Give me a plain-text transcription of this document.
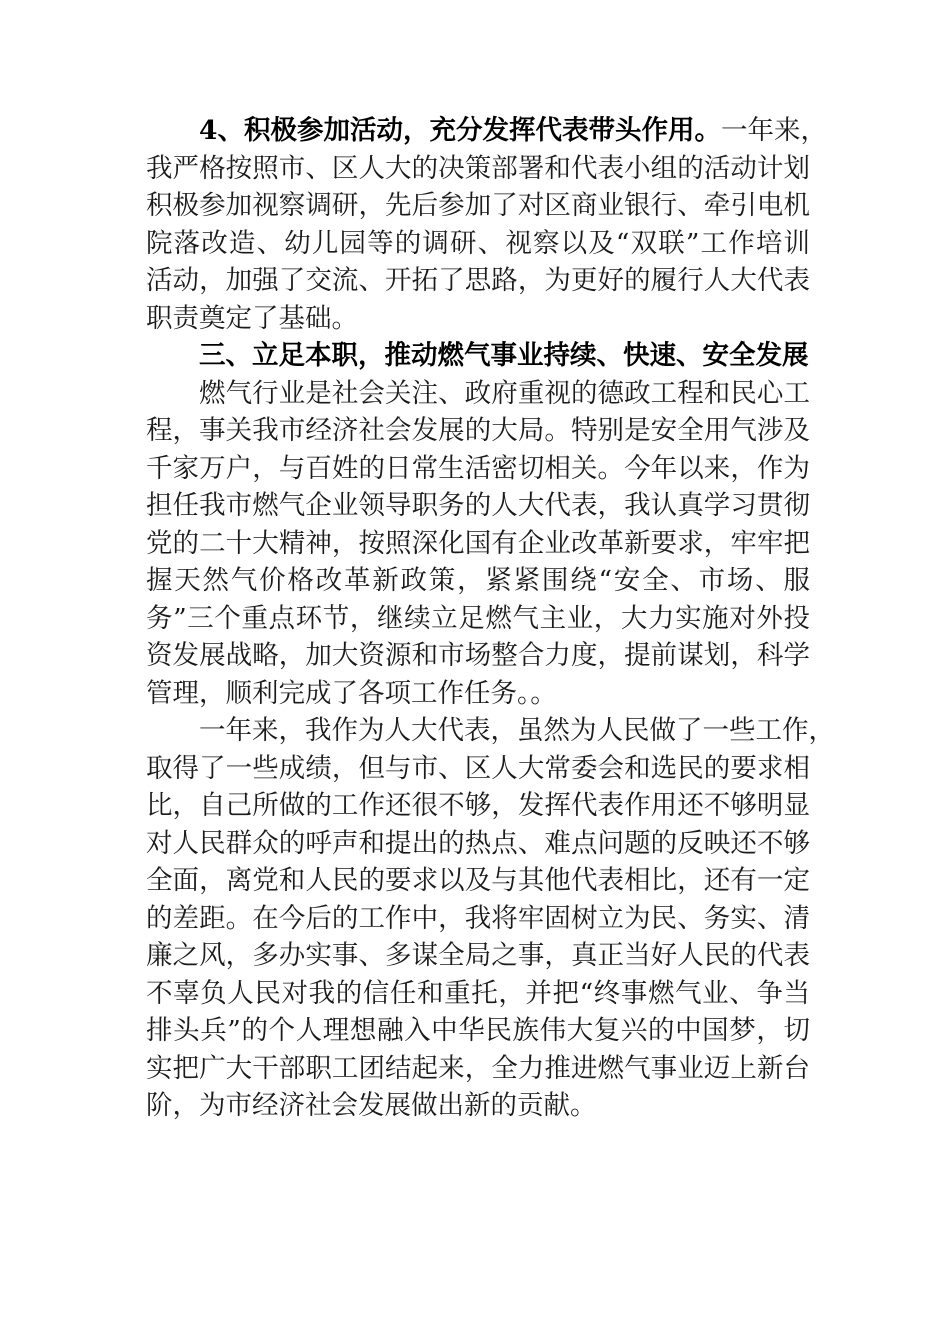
4、积极参加活动，充分发挥代表带头作用。一年来，
我严格按照市、区人大的决策部署和代表小组的活动计划
积极参加视察调研，先后参加了对区商业银行、牵引电机
院落改造、幼儿园等的调研、视察以及“双联”工作培训
活动，加强了交流、开拓了思路，为更好的履行人大代表
职责奠定了基础。
三、立足本职，推动燃气事业持续、快速、安全发展
燃气行业是社会关注、政府重视的德政工程和民心工
程，事关我市经济社会发展的大局。特别是安全用气涉及
千家万户，与百姓的日常生活密切相关。今年以来，作为
担任我市燃气企业领导职务的人大代表，我认真学习贯彻
党的二十大精神，按照深化国有企业改革新要求，牢牢把
握天然气价格改革新政策，紧紧围绕“安全、市场、服
务”三个重点环节，继续立足燃气主业，大力实施对外投
资发展战略，加大资源和市场整合力度，提前谋划，科学
管理，顺利完成了各项工作任务。。
一年来，我作为人大代表，虽然为人民做了一些工作，
取得了一些成绩，但与市、区人大常委会和选民的要求相
比，自己所做的工作还很不够，发挥代表作用还不够明显
对人民群众的呼声和提出的热点、难点问题的反映还不够
全面，离党和人民的要求以及与其他代表相比，还有一定
的差距。在今后的工作中，我将牢固树立为民、务实、清
廉之风，多办实事、多谋全局之事，真正当好人民的代表
不辜负人民对我的信任和重托，并把“终事燃气业、争当
排头兵”的个人理想融入中华民族伟大复兴的中国梦，切
实把广大干部职工团结起来，全力推进燃气事业迈上新台
阶，为市经济社会发展做出新的贡献。
